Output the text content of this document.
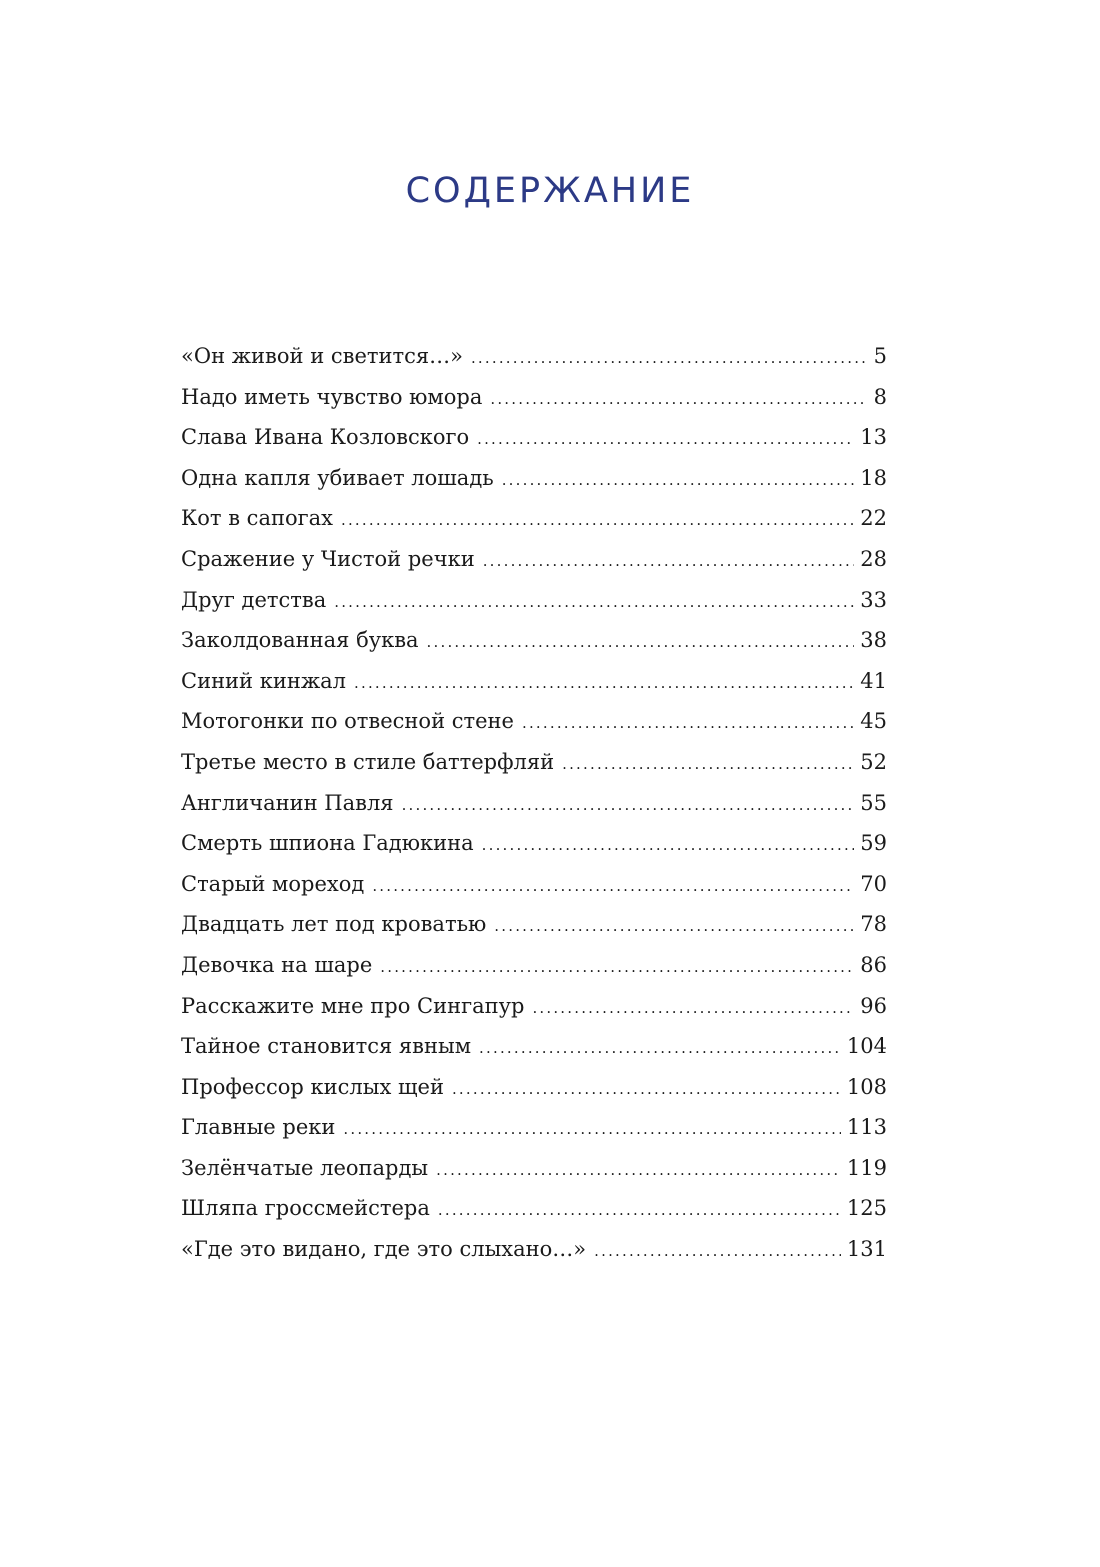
содержание
«Он живой и светится…» .....	5
Надо иметь чувство юмора .....	8
Слава Ивана Козловского .....	13
Одна капля убивает лошадь .....	18
Кот в сапогах .....	22
Сражение у Чистой речки .....	28
Друг детства .....	33
Заколдованная буква .....	38
Синий кинжал .....	41
Мотогонки по отвесной стене .....	45
Третье место в стиле баттерфляй .....	52
Англичанин Павля .....	55
Смерть шпиона Гадюкина .....	59
Старый мореход .....	70
Двадцать лет под кроватью .....	78
Девочка на шаре .....	86
Расскажите мне про Сингапур .....	96
Тайное становится явным .....	104
Профессор кислых щей .....	108
Главные реки .....	113
Зелёнчатые леопарды .....	119
Шляпа гроссмейстера .....	125
«Где это видано, где это слыхано…» .....	131
